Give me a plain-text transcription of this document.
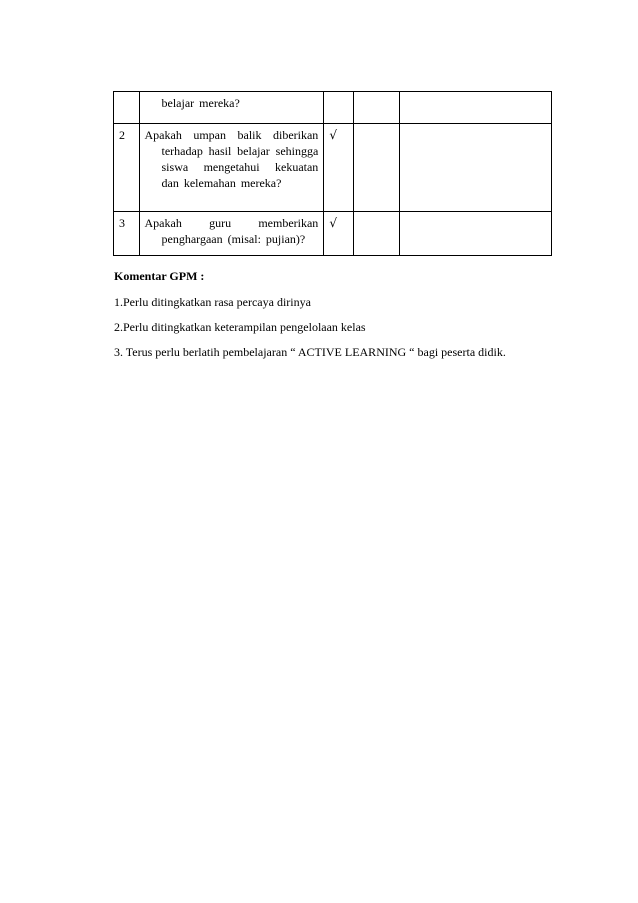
	belajar mereka?			

2	Apakah umpan balik diberikan terhadap hasil belajar sehingga siswa mengetahui kekuatan dan kelemahan mereka?	√		
3	Apakah guru memberikan penghargaan (misal: pujian)?	√		

Komentar GPM :

1.Perlu ditingkatkan rasa percaya dirinya

2.Perlu ditingkatkan keterampilan pengelolaan kelas

3. Terus perlu berlatih pembelajaran “ ACTIVE LEARNING “ bagi peserta didik.
